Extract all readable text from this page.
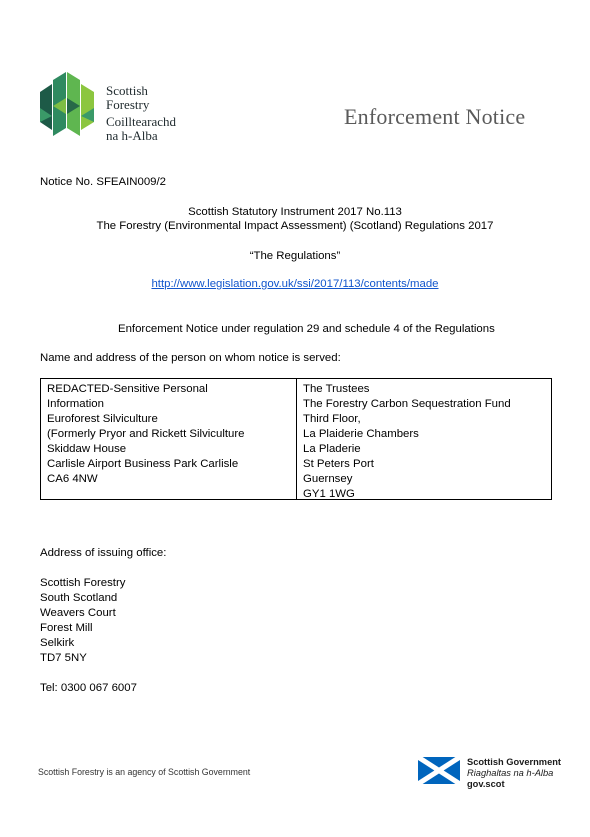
Scottish
Forestry
Coilltearachd
na h-Alba
Enforcement Notice
Notice No. SFEAIN009/2
Scottish Statutory Instrument 2017 No.113
The Forestry (Environmental Impact Assessment) (Scotland) Regulations 2017
“The Regulations”
http://www.legislation.gov.uk/ssi/2017/113/contents/made
Enforcement Notice under regulation 29 and schedule 4 of the Regulations
Name and address of the person on whom notice is served:
REDACTED-Sensitive Personal
Information
Euroforest Silviculture
(Formerly Pryor and Rickett Silviculture
Skiddaw House
Carlisle Airport Business Park Carlisle
CA6 4NW
The Trustees
The Forestry Carbon Sequestration Fund
Third Floor,
La Plaiderie Chambers
La Pladerie
St Peters Port
Guernsey
GY1 1WG
Address of issuing office:
Scottish Forestry
South Scotland
Weavers Court
Forest Mill
Selkirk
TD7 5NY
Tel: 0300 067 6007
Scottish Forestry is an agency of Scottish Government
Scottish Government
Riaghaltas na h-Alba
gov.scot
